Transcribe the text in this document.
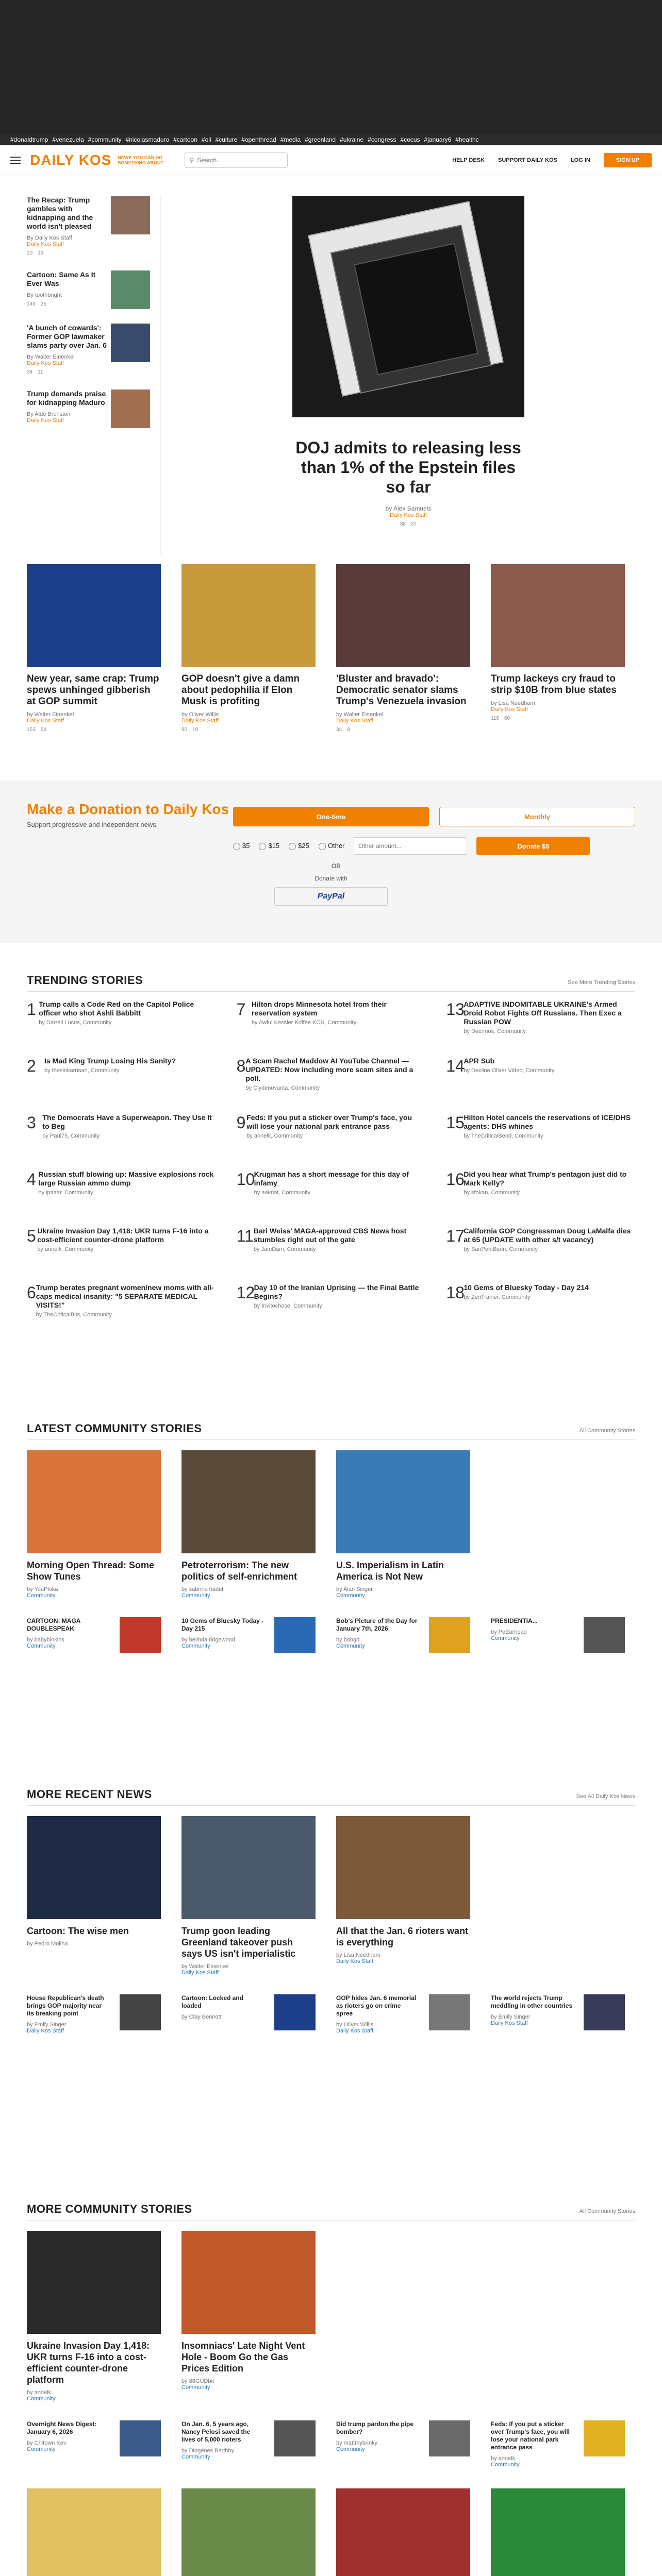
#donaldtrump #venezuela #community #nicolasmaduro #cartoon #oil #culture #openthread #media #greenland #ukraine #congress #cocus #january6 #healthc
DAILY KOS NEWS YOU CAN DO SOMETHING ABOUT	⚲
Search...	HELP DESK SUPPORT DAILY KOS LOG IN	SIGN UP
The Recap: Trump gambles with kidnapping and the world isn't pleased
By Daily Kos Staff
Daily Kos Staff
10 19
Cartoon: Same As It Ever Was
By toothbright
149 25
'A bunch of cowards': Former GOP lawmaker slams party over Jan. 6
By Walter Einenkel
Daily Kos Staff
34 11
Trump demands praise for kidnapping Maduro
By Aldo Bronston
Daily Kos Staff
DOJ admits to releasing less than 1% of the Epstein files so far
by Alex Samuels
Daily Kos Staff
88 37
New year, same crap: Trump spews unhinged gibberish at GOP summit
by Walter Einenkel
Daily Kos Staff
153 64
GOP doesn't give a damn about pedophilia if Elon Musk is profiting
by Oliver Willis
Daily Kos Staff
90 19
'Bluster and bravado': Democratic senator slams Trump's Venezuela invasion
by Walter Einenkel
Daily Kos Staff
34 8
Trump lackeys cry fraud to strip $10B from blue states
by Lisa Needham
Daily Kos Staff
116 60
Make a Donation to Daily Kos
Support progressive and independent news.
One-time	Monthly
$5	$15	$25	Other
Other amount...	Donate $5
OR
Donate with
PayPal
TRENDING STORIES	See More Trending Stories
1 Trump calls a Code Red on the Capitol Police officer who shot Ashli Babbitt
by Darrell Lucus, Community
7 Hilton drops Minnesota hotel from their reservation system
by Awful Kessler Koffee KOS, Community
13
ADAPTIVE INDOMITABLE UKRAINE's Armed Droid Robot Fights Off Russians. Then Exec a Russian POW
by Decrmos, Community
2	Is Mad King Trump Losing His Sanity?
by thesinkarriaan, Community	8 A Scam Rachel Maddow AI YouTube Channel — UPDATED: Now including more scam sites and a poll.
by Clydenovanta, Community
14
APR Sub
by Decline Oliver Video, Community
3 The Democrats Have a Superweapon. They Use It to Beg
by Paul75, Community
9 Feds: If you put a sticker over Trump's face, you will lose your national park entrance pass
by annelk, Community
15
Hilton Hotel cancels the reservations of ICE/DHS agents: DHS whines
by TheCriticalBend, Community
4 Russian stuff blowing up: Massive explosions rock large Russian ammo dump
by ipaaar, Community
10
Krugman has a short message for this day of infamy
by aaknat, Community
16
Did you hear what Trump's pentagon just did to Mark Kelly?
by sfokan, Community
5 Ukraine Invasion Day 1,418: UKR turns F-16 into a cost-efficient counter-drone platform
by annelk, Community
11 Bari Weiss' MAGA-approved CBS News host stumbles right out of the gate
by JamDam, Community
17
California GOP Congressman Doug LaMalfa dies at 65 (UPDATE with other s/t vacancy)
by SanPeniBenn, Community
6 Trump berates pregnant women/new moms with all-caps medical insanity: "5 SEPARATE MEDICAL VISITS!"
by TheCriticalBits, Community
12
Day 10 of the Iranian Uprising — the Final Battle Begins?
by Invitochose, Community
18
10 Gems of Bluesky Today - Day 214
by ZenTrainer, Community
LATEST COMMUNITY STORIES	All Community Stories
Morning Open Thread: Some Show Tunes
by YouPluka
Community
Petroterrorism: The new politics of self-enrichment
by sabrina hadel
Community
U.S. Imperialism in Latin America is Not New
by Alan Singer
Community
CARTOON: MAGA DOUBLESPEAK
by babybinkins
Community
10 Gems of Bluesky Today - Day 215
by belinda ridgewood
Community
Bob's Picture of the Day for January 7th, 2026
by bobgd
Community
PRESIDENTIA...
by PeEarhead
Community
MORE RECENT NEWS	See All Daily Kos News
Cartoon: The wise men
by Pedro Molina
Trump goon leading Greenland takeover push says US isn't imperialistic
by Walter Einenkel
Daily Kos Staff
All that the Jan. 6 rioters want is everything
by Lisa Needham
Daily Kos Staff
House Republican's death brings GOP majority near its breaking point
by Emily Singer
Daily Kos Staff
Cartoon: Locked and loaded
by Clay Bennett
GOP hides Jan. 6 memorial as rioters go on crime spree
by Oliver Willis
Daily Kos Staff
The world rejects Trump meddling in other countries
by Emily Singer
Daily Kos Staff
MORE COMMUNITY STORIES	All Community Stories
Ukraine Invasion Day 1,418: UKR turns F-16 into a cost-efficient counter-drone platform
by annelk
Community
Insomniacs' Late Night Vent Hole - Boom Go the Gas Prices Edition
by 88GUDbit
Community
Overnight News Digest: January 6, 2026
by Chitown Kev
Community
On Jan. 6, 5 years ago, Nancy Pelosi saved the lives of 5,000 rioters
by Diogenes Barthby
Community
Did trump pardon the pipe bomber?
by mattmybrinky
Community
Feds: If you put a sticker over Trump's face, you will lose your national park entrance pass
by annelk
Community
